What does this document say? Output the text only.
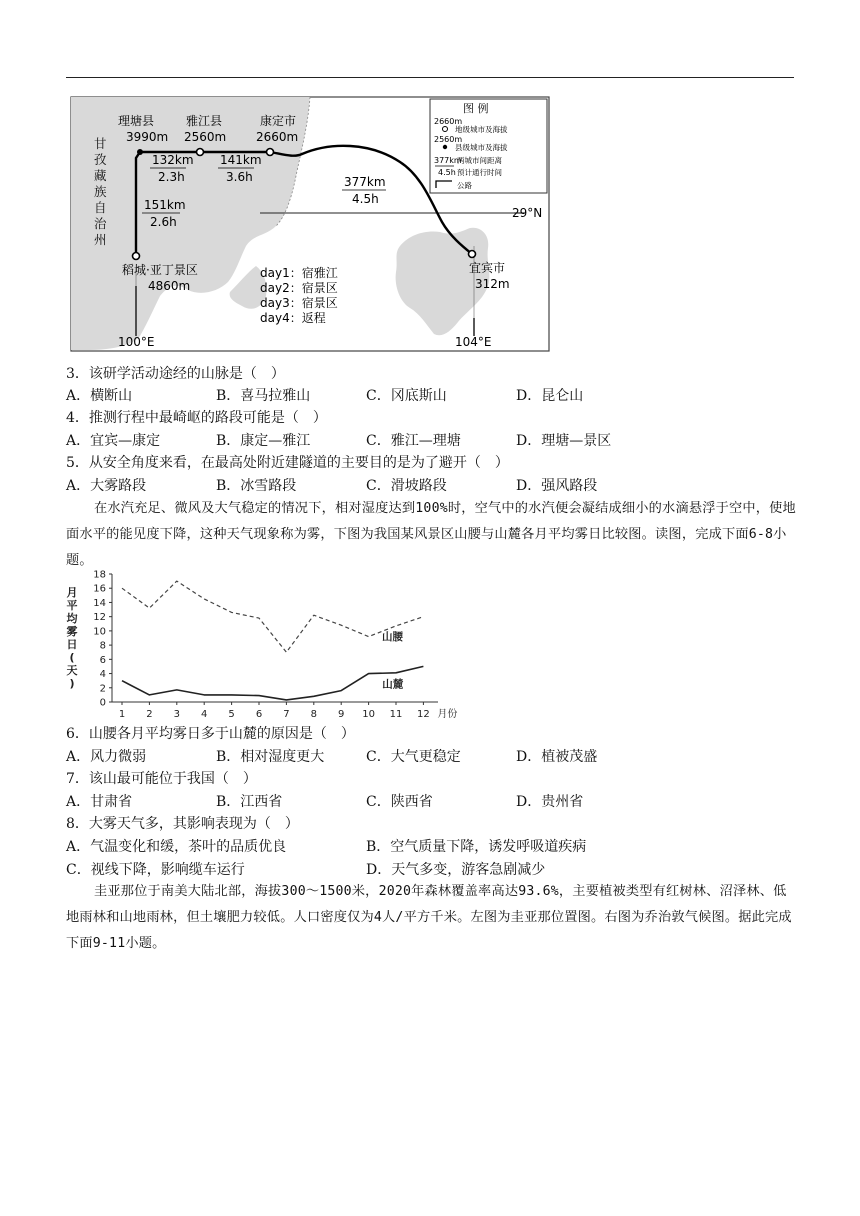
图 例
2660m
地级城市及海拔
2560m
县级城市及海拔
377km
4.5h
两城市间距离
预计通行时间
公路
甘
孜
藏
族
自
治
州
理塘县
3990m
雅江县
2560m
康定市
2660m
宜宾市
312m
稻城·亚丁景区
4860m
132km
2.3h
141km
3.6h	377km
4.5h
151km
2.6h
day1：宿雅江
day2：宿景区
day3：宿景区
day4：返程
29°N
100°E	104°E
3．该研学活动途经的山脉是（　）
A．横断山	B．喜马拉雅山	C．冈底斯山	D．昆仑山
4．推测行程中最崎岖的路段可能是（　）
A．宜宾—康定	B．康定—雅江	C．雅江—理塘	D．理塘—景区
5．从安全角度来看，在最高处附近建隧道的主要目的是为了避开（　）
A．大雾路段	B．冰雪路段	C．滑坡路段	D．强风路段
在水汽充足、微风及大气稳定的情况下，相对湿度达到100%时，空气中的水汽便会凝结成细小的水滴悬浮于空中，使地面水平的能见度下降，这种天气现象称为雾，下图为我国某风景区山腰与山麓各月平均雾日比较图。读图，完成下面6-8小题。
月
平
均
雾
日
(
天
)
0
2
4
6
8
10
12
14
16
18
1 2 3 4 5 6 7 8 9 10 11 12 月份
山腰
山麓
6．山腰各月平均雾日多于山麓的原因是（　）
A．风力微弱	B．相对湿度更大	C．大气更稳定	D．植被茂盛
7．该山最可能位于我国（　）
A．甘肃省	B．江西省	C．陕西省	D．贵州省
8．大雾天气多，其影响表现为（　）
A．气温变化和缓，茶叶的品质优良	B．空气质量下降，诱发呼吸道疾病
C．视线下降，影响缆车运行	D．天气多变，游客急剧减少
圭亚那位于南美大陆北部，海拔300～1500米，2020年森林覆盖率高达93.6%，主要植被类型有红树林、沼泽林、低地雨林和山地雨林，但土壤肥力较低。人口密度仅为4人/平方千米。左图为圭亚那位置图。右图为乔治敦气候图。据此完成下面9-11小题。
